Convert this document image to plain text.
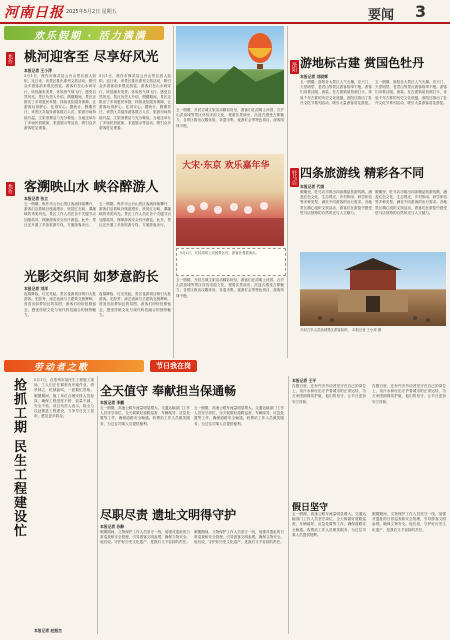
河南日报 2025年5月2日 星期五	要闻 3
欢乐假期 · 活力满满
焦作 桃河迎客至 尽享好风光
本报记者 王小萍
5月1日，焦作市修武县云台山景区游人如织。连日来，该景区推出系列文旅活动，吸引众多游客前来观光游览。游客们在山水间穿行，欣赏瀑布美景，体验热气球飞行，感受自然风光。景区负责人介绍，假期期间，景区还推出了多项惠民举措，持续优化服务保障，让游客玩得舒心、住得安心。据统计，假期首日，该景区共接待游客数万人次，旅游市场持续升温，文旅消费活力充分释放。当地还举办了多场民俗展演、非遗展示等活动，吸引众多游客驻足观看。
5月1日，焦作市修武县云台山景区游人如织。连日来，该景区推出系列文旅活动，吸引众多游客前来观光游览。游客们在山水间穿行，欣赏瀑布美景，体验热气球飞行，感受自然风光。景区负责人介绍，假期期间，景区还推出了多项惠民举措，持续优化服务保障，让游客玩得舒心、住得安心。据统计，假期首日，该景区共接待游客数万人次，旅游市场持续升温，文旅消费活力充分释放。当地还举办了多场民俗展演、非遗展示等活动，吸引众多游客驻足观看。
五一假期，开封古城文旅活动精彩纷呈，游客们在清明上河园、万岁山武侠城等景区体验宋韵文化，观看实景演出，沉浸式感受古都魅力。各景区推出汉服体验、非遗市集、夜游灯会等特色项目，游客络绎不绝。
大宋·东京 欢乐嘉年华
5月1日，开封清明上河园景区内，游客在观看演出。
焦作 客溯映山水 峡谷醉游人
本报记者 张立
五一假期，焦作市云台山景区客流持续攀升，游客们沿着峡谷栈道漫步，欣赏红石峡、潭瀑峡的秀美风光。景区工作人员在各个关键节点加强疏导，保障游客安全有序游览。此外，景区还开通了多条旅游专线，方便游客出行。
五一假期，焦作市云台山景区客流持续攀升，游客们沿着峡谷栈道漫步，欣赏红石峡、潭瀑峡的秀美风光。景区工作人员在各个关键节点加强疏导，保障游客安全有序游览。此外，景区还开通了多条旅游专线，方便游客出行。
光影交织间 如梦意韵长
本报记者 刘洋
夜幕降临，灯光亮起，景区夜游项目吸引大批游客。光影秀、演艺表演与古建筑交相辉映，营造出如梦如幻的氛围，游客们纷纷拍照留念，感受传统文化与现代科技融合的独特魅力。
夜幕降临，灯光亮起，景区夜游项目吸引大批游客。光影秀、演艺表演与古建筑交相辉映，营造出如梦如幻的氛围，游客们纷纷拍照留念，感受传统文化与现代科技融合的独特魅力。
五一假期，开封古城文旅活动精彩纷呈，游客们在清明上河园、万岁山武侠城等景区体验宋韵文化，观看实景演出，沉浸式感受古都魅力。各景区推出汉服体验、非遗市集、夜游灯会等特色项目，游客络绎不绝。
洛阳 游地标古建 赏国色牡丹
本报记者 刘晓辉
五一假期，洛阳各大景区人气火爆。应天门、天堂明堂、老君山等景区游客络绎不绝。游客们身着汉服、唐装，在古建筑前拍照打卡，体验千年古都的历史文化底蕴。洛阳还推出了牡丹文化节系列活动，吸引大量游客赏花游览。
五一假期，洛阳各大景区人气火爆。应天门、天堂明堂、老君山等景区游客络绎不绝。游客们身着汉服、唐装，在古建筑前拍照打卡，体验千年古都的历史文化底蕴。洛阳还推出了牡丹文化节系列活动，吸引大量游客赏花游览。
驻马店 四条旅游线 精彩各不同
本报记者 代娟
假期里，驻马店市推出四条精品旅游线路，涵盖红色文化、生态观光、乡村休闲、研学体验等多种类型，满足不同游客的出行需求。各地景区精心组织文旅活动，游客们在游览中感受驻马店独特的自然风光与人文魅力。
假期里，驻马店市推出四条精品旅游线路，涵盖红色文化、生态观光、乡村休闲、研学体验等多种类型，满足不同游客的出行需求。各地景区精心组织文旅活动，游客们在游览中感受驻马店独特的自然风光与人文魅力。
开封万岁山武侠城景区游客如织。 本报记者 王小萍 摄
劳动者之歌	节日我在岗
抢抓工期 民生工程建设忙	5月1日，在郑州市某民生工程施工现场，工人们正在紧张有序地作业。塔吊林立，机械轰鸣，一派繁忙景象。假期期间，施工单位合理安排人员轮岗，确保工程进度不停、质量不减、安全不松。项目负责人表示，将全力以赴推进工程建设，力争早日完工投用，惠及更多群众。
本报记者 赵振杰
全天值守 奉献担当保通畅
本报记者 李鹏
五一假期，高速公路车流量明显增大。交通运输部门工作人员坚守岗位，全天候做好道路巡查、车辆疏导、应急处置等工作，确保道路安全畅通。收费站工作人员微笑服务，为过往司乘人员提供便利。
五一假期，高速公路车流量明显增大。交通运输部门工作人员坚守岗位，全天候做好道路巡查、车辆疏导、应急处置等工作，确保道路安全畅通。收费站工作人员微笑服务，为过往司乘人员提供便利。
尽职尽责 遗址文明得守护
本报记者 孙静
假期期间，文物保护工作人员坚守一线，加强对遗址的日常巡查和安全管理，引导游客文明参观，确保文物安全。他们说，守护好历史文化遗产，是我们义不容辞的责任。
假期期间，文物保护工作人员坚守一线，加强对遗址的日常巡查和安全管理，引导游客文明参观，确保文物安全。他们说，守护好历史文化遗产，是我们义不容辞的责任。
本报记者 王平
在假日里，还有许多劳动者坚守在自己的岗位上，用汗水和付出守护着城市的正常运转，为万家团圆保驾护航。他们的坚守，让节日更加安宁祥和。
在假日里，还有许多劳动者坚守在自己的岗位上，用汗水和付出守护着城市的正常运转，为万家团圆保驾护航。他们的坚守，让节日更加安宁祥和。
假日坚守
五一假期，高速公路车流量明显增大。交通运输部门工作人员坚守岗位，全天候做好道路巡查、车辆疏导、应急处置等工作，确保道路安全畅通。收费站工作人员微笑服务，为过往司乘人员提供便利。
假期期间，文物保护工作人员坚守一线，加强对遗址的日常巡查和安全管理，引导游客文明参观，确保文物安全。他们说，守护好历史文化遗产，是我们义不容辞的责任。
